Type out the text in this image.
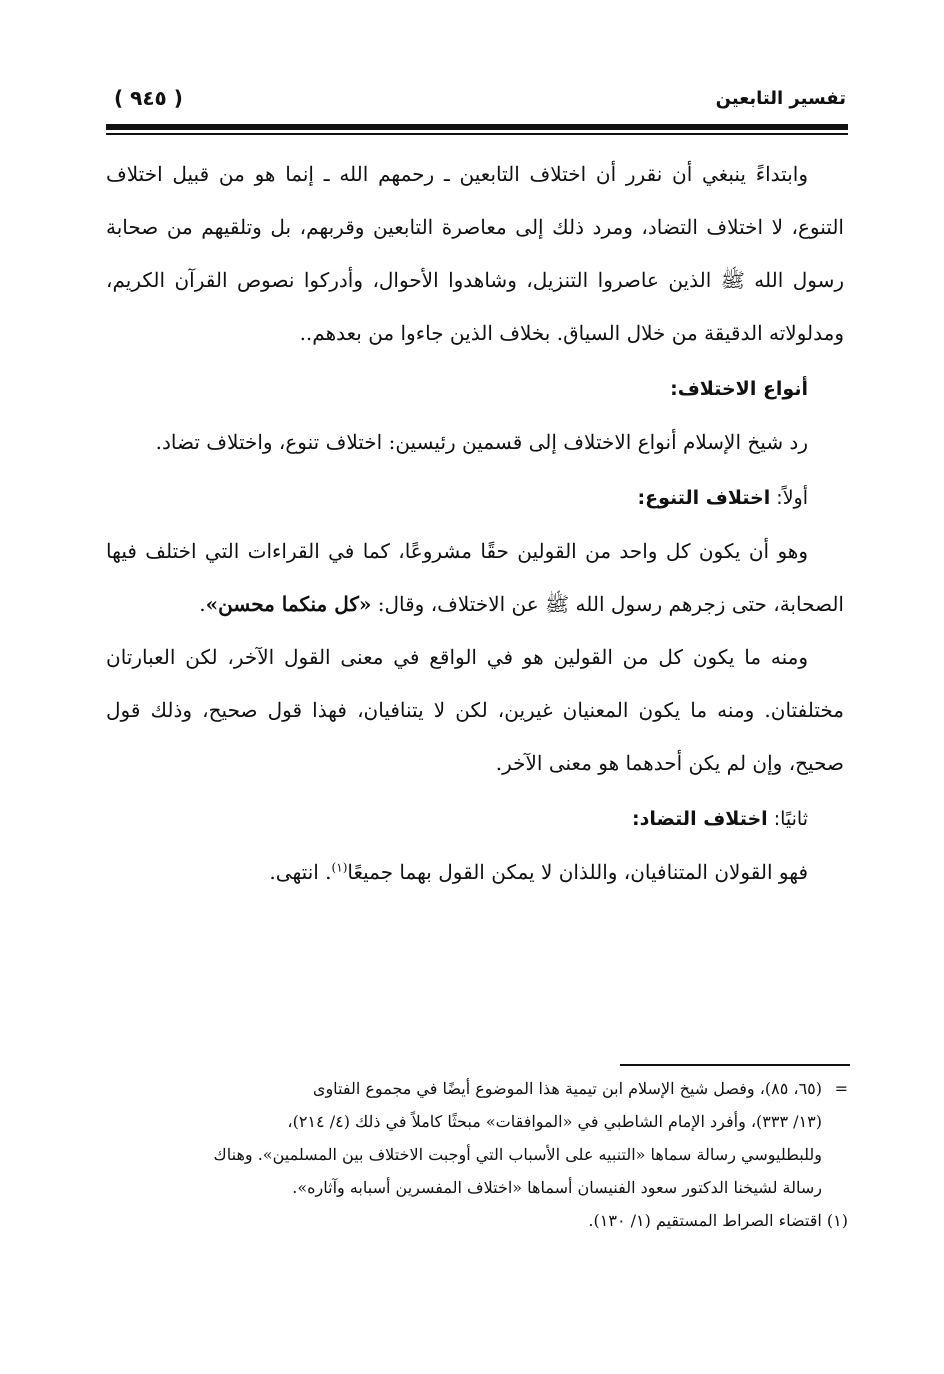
تفسير التابعين
( ٩٤٥ )

وابتداءً ينبغي أن نقرر أن اختلاف التابعين ـ رحمهم الله ـ إنما هو من قبيل اختلاف التنوع، لا اختلاف التضاد، ومرد ذلك إلى معاصرة التابعين وقربهم، بل وتلقيهم من صحابة رسول الله ﷺ الذين عاصروا التنزيل، وشاهدوا الأحوال، وأدركوا نصوص القرآن الكريم، ومدلولاته الدقيقة من خلال السياق. بخلاف الذين جاءوا من بعدهم..

أنواع الاختلاف:

رد شيخ الإسلام أنواع الاختلاف إلى قسمين رئيسين: اختلاف تنوع، واختلاف تضاد.

أولاً: اختلاف التنوع:

وهو أن يكون كل واحد من القولين حقًا مشروعًا، كما في القراءات التي اختلف فيها الصحابة، حتى زجرهم رسول الله ﷺ عن الاختلاف، وقال: «كل منكما محسن».

ومنه ما يكون كل من القولين هو في الواقع في معنى القول الآخر، لكن العبارتان مختلفتان. ومنه ما يكون المعنيان غيرين، لكن لا يتنافيان، فهذا قول صحيح، وذلك قول صحيح، وإن لم يكن أحدهما هو معنى الآخر.

ثانيًا: اختلاف التضاد:

فهو القولان المتنافيان، واللذان لا يمكن القول بهما جميعًا$^{(١)}$. انتهى.

=(٦٥، ٨٥)، وفصل شيخ الإسلام ابن تيمية هذا الموضوع أيضًا في مجموع الفتاوى

(١٣/ ٣٣٣)، وأفرد الإمام الشاطبي في «الموافقات» مبحثًا كاملاً في ذلك (٤/ ٢١٤)،

وللبطليوسي رسالة سماها «التنبيه على الأسباب التي أوجبت الاختلاف بين المسلمين». وهناك

رسالة لشيخنا الدكتور سعود الفنيسان أسماها «اختلاف المفسرين أسبابه وآثاره».

(١) اقتضاء الصراط المستقيم (١/ ١٣٠).
